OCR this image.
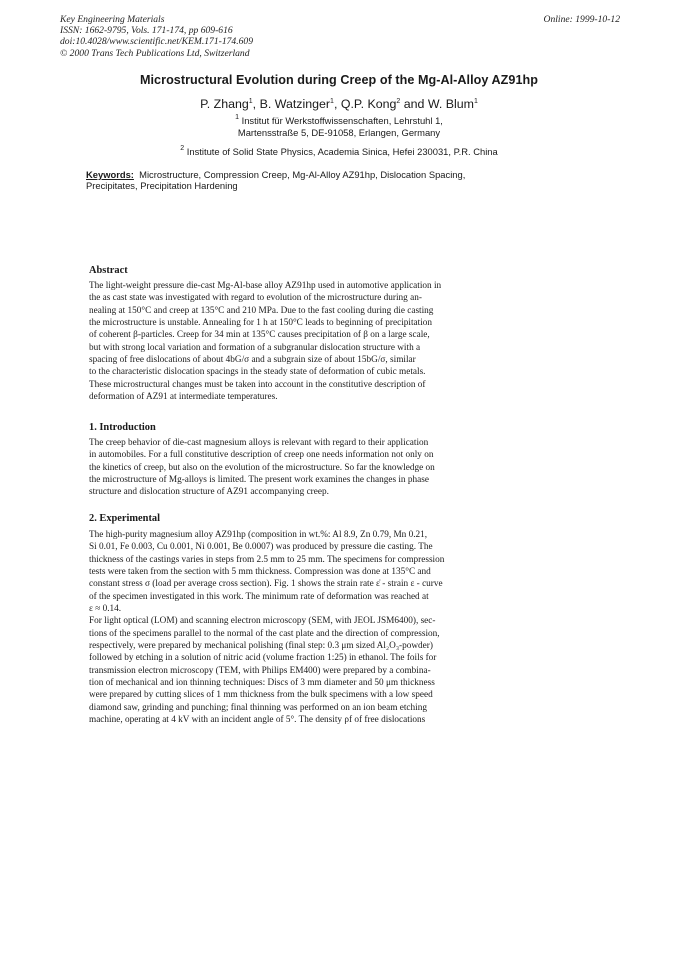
Key Engineering Materials
ISSN: 1662-9795, Vols. 171-174, pp 609-616
doi:10.4028/www.scientific.net/KEM.171-174.609
© 2000 Trans Tech Publications Ltd, Switzerland
Online: 1999-10-12
Microstructural Evolution during Creep of the Mg-Al-Alloy AZ91hp
P. Zhang$^1$, B. Watzinger$^1$, Q.P. Kong$^2$ and W. Blum$^1$
$^1$ Institut für Werkstoffwissenschaften, Lehrstuhl 1,
Martensstraße 5, DE-91058, Erlangen, Germany
$^2$ Institute of Solid State Physics, Academia Sinica, Hefei 230031, P.R. China
Keywords: Microstructure, Compression Creep, Mg-Al-Alloy AZ91hp, Dislocation Spacing,
Precipitates, Precipitation Hardening
Abstract
The light-weight pressure die-cast Mg-Al-base alloy AZ91hp used in automotive application in
the as cast state was investigated with regard to evolution of the microstructure during an-
nealing at 150°C and creep at 135°C and 210 MPa. Due to the fast cooling during die casting
the microstructure is unstable. Annealing for 1 h at 150°C leads to beginning of precipitation
of coherent β-particles. Creep for 34 min at 135°C causes precipitation of β on a large scale,
but with strong local variation and formation of a subgranular dislocation structure with a
spacing of free dislocations of about 4bG/σ and a subgrain size of about 15bG/σ, similar
to the characteristic dislocation spacings in the steady state of deformation of cubic metals.
These microstructural changes must be taken into account in the constitutive description of
deformation of AZ91 at intermediate temperatures.
1. Introduction
The creep behavior of die-cast magnesium alloys is relevant with regard to their application
in automobiles. For a full constitutive description of creep one needs information not only on
the kinetics of creep, but also on the evolution of the microstructure. So far the knowledge on
the microstructure of Mg-alloys is limited. The present work examines the changes in phase
structure and dislocation structure of AZ91 accompanying creep.
2. Experimental
The high-purity magnesium alloy AZ91hp (composition in wt.%: Al 8.9, Zn 0.79, Mn 0.21,
Si 0.01, Fe 0.003, Cu 0.001, Ni 0.001, Be 0.0007) was produced by pressure die casting. The
thickness of the castings varies in steps from 2.5 mm to 25 mm. The specimens for compression
tests were taken from the section with 5 mm thickness. Compression was done at 135°C and
constant stress σ (load per average cross section). Fig. 1 shows the strain rate ε̇ - strain ε - curve
of the specimen investigated in this work. The minimum rate of deformation was reached at
ε ≈ 0.14.
For light optical (LOM) and scanning electron microscopy (SEM, with JEOL JSM6400), sec-
tions of the specimens parallel to the normal of the cast plate and the direction of compression,
respectively, were prepared by mechanical polishing (final step: 0.3 μm sized Al₂O₃-powder)
followed by etching in a solution of nitric acid (volume fraction 1:25) in ethanol. The foils for
transmission electron microscopy (TEM, with Philips EM400) were prepared by a combina-
tion of mechanical and ion thinning techniques: Discs of 3 mm diameter and 50 μm thickness
were prepared by cutting slices of 1 mm thickness from the bulk specimens with a low speed
diamond saw, grinding and punching; final thinning was performed on an ion beam etching
machine, operating at 4 kV with an incident angle of 5°. The density ρf of free dislocations
